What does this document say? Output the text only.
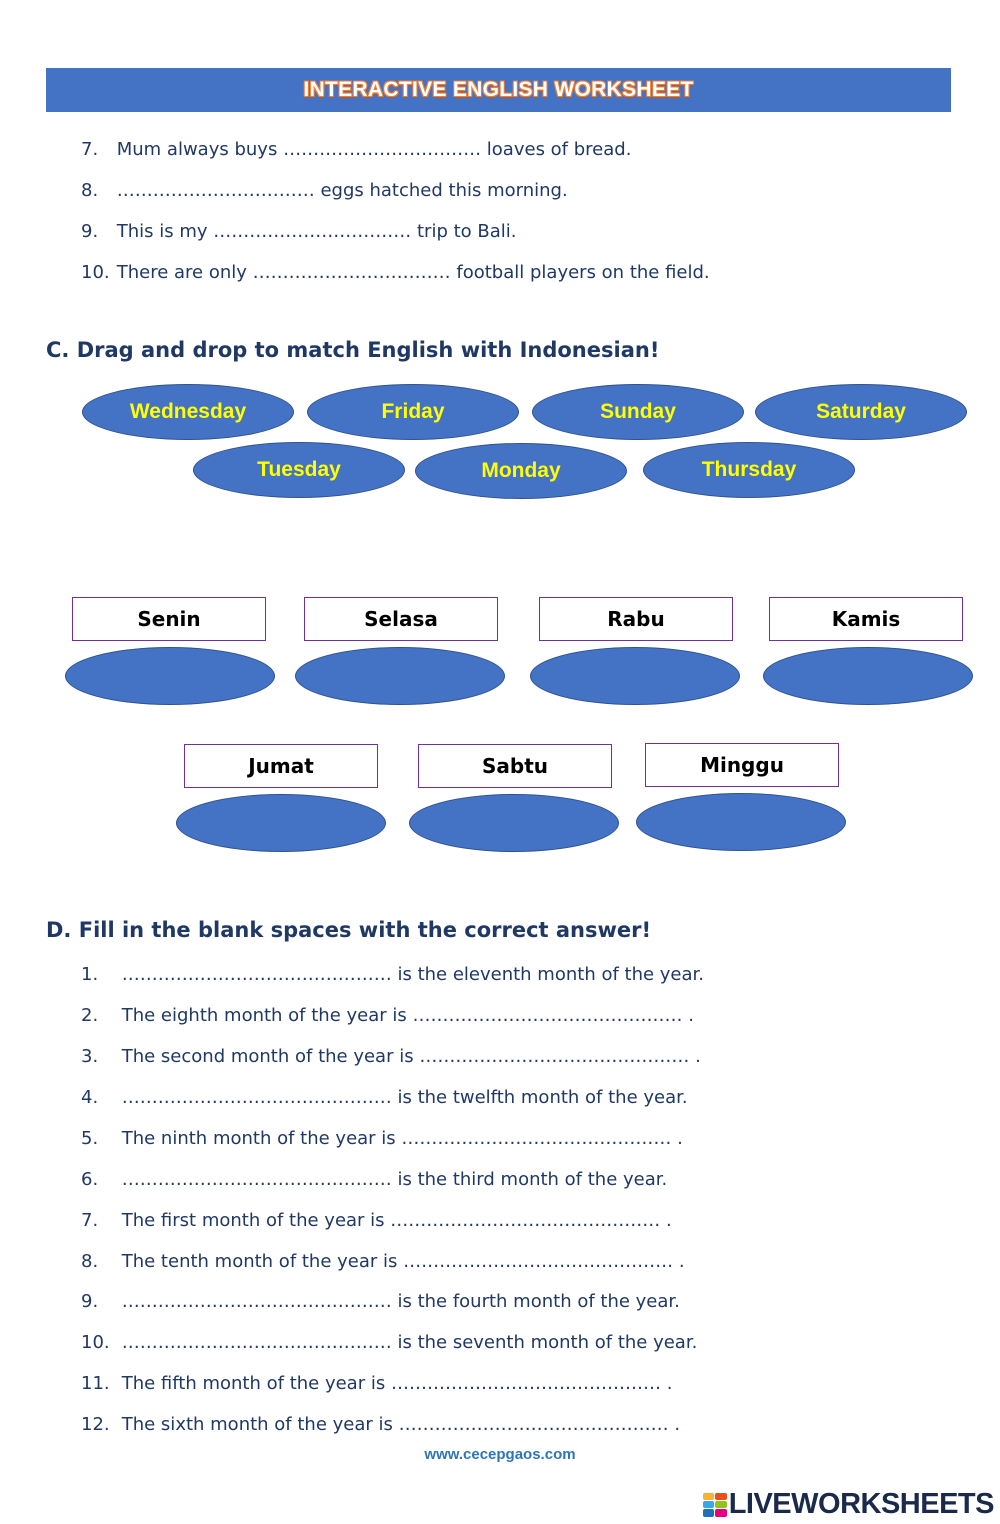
INTERACTIVE ENGLISH WORKSHEET
7. Mum always buys …………………………… loaves of bread.
8. …………………………… eggs hatched this morning.
9. This is my …………………………… trip to Bali.
10. There are only …………………………… football players on the field.
C. Drag and drop to match English with Indonesian!
Wednesday	Friday	Sunday	Saturday
Tuesday	Monday	Thursday
Senin	Selasa	Rabu	Kamis
Jumat	Sabtu	Minggu
D. Fill in the blank spaces with the correct answer!
1. ……………………………………… is the eleventh month of the year.
2. The eighth month of the year is ……………………………………… .
3. The second month of the year is ……………………………………… .
4. ……………………………………… is the twelfth month of the year.
5. The ninth month of the year is ……………………………………… .
6. ……………………………………… is the third month of the year.
7. The first month of the year is ……………………………………… .
8. The tenth month of the year is ……………………………………… .
9. ……………………………………… is the fourth month of the year.
10. ……………………………………… is the seventh month of the year.
11. The fifth month of the year is ……………………………………… .
12. The sixth month of the year is ……………………………………… .
www.cecepgaos.com
LIVEWORKSHEETS
